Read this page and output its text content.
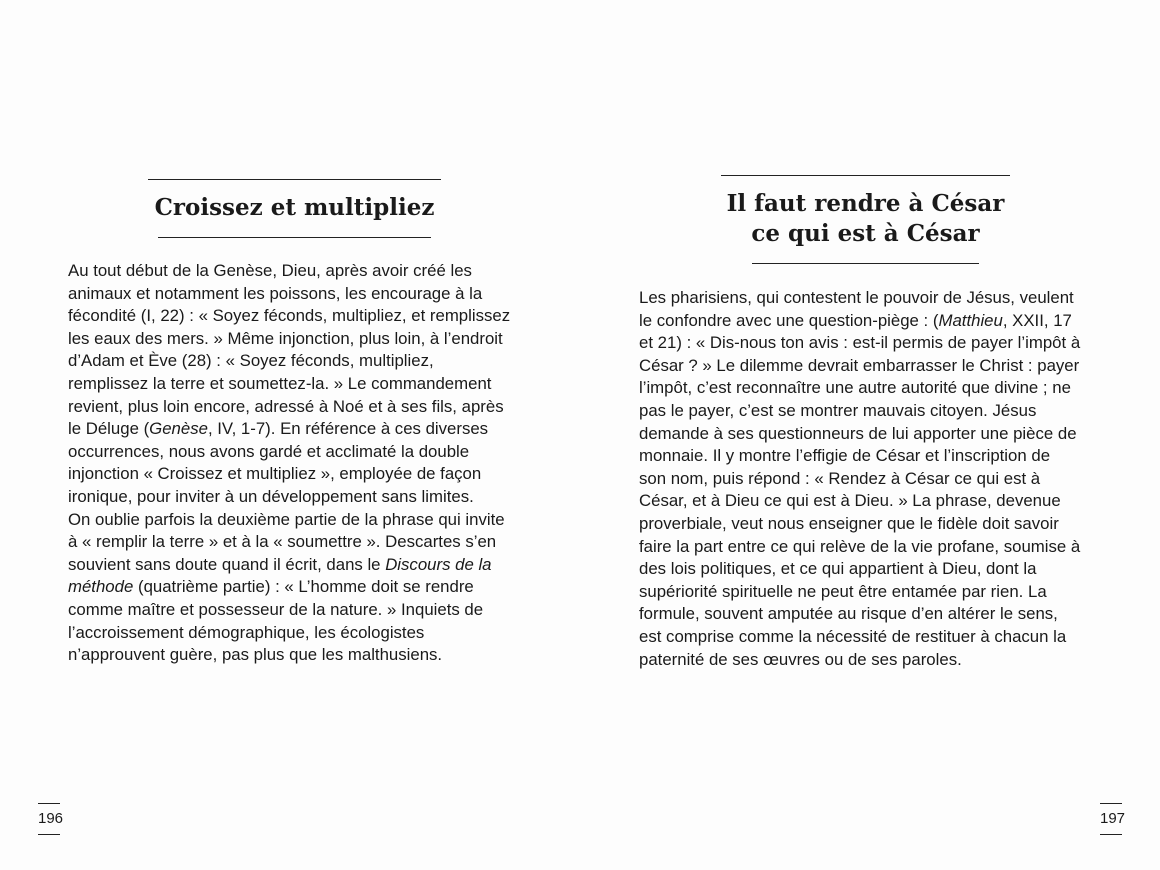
Croissez et multipliez
Au tout début de la Genèse, Dieu, après avoir créé les
animaux et notamment les poissons, les encourage à la
fécondité (I, 22) : « Soyez féconds, multipliez, et remplissez
les eaux des mers. » Même injonction, plus loin, à l’endroit
d’Adam et Ève (28) : « Soyez féconds, multipliez,
remplissez la terre et soumettez-la. » Le commandement
revient, plus loin encore, adressé à Noé et à ses fils, après
le Déluge (Genèse, IV, 1-7). En référence à ces diverses
occurrences, nous avons gardé et acclimaté la double
injonction « Croissez et multipliez », employée de façon
ironique, pour inviter à un développement sans limites.
On oublie parfois la deuxième partie de la phrase qui invite
à « remplir la terre » et à la « soumettre ». Descartes s’en
souvient sans doute quand il écrit, dans le Discours de la
méthode (quatrième partie) : « L’homme doit se rendre
comme maître et possesseur de la nature. » Inquiets de
l’accroissement démographique, les écologistes
n’approuvent guère, pas plus que les malthusiens.
196
Il faut rendre à César
ce qui est à César
Les pharisiens, qui contestent le pouvoir de Jésus, veulent
le confondre avec une question-piège : (Matthieu, XXII, 17
et 21) : « Dis-nous ton avis : est-il permis de payer l’impôt à
César ? » Le dilemme devrait embarrasser le Christ : payer
l’impôt, c’est reconnaître une autre autorité que divine ; ne
pas le payer, c’est se montrer mauvais citoyen. Jésus
demande à ses questionneurs de lui apporter une pièce de
monnaie. Il y montre l’effigie de César et l’inscription de
son nom, puis répond : « Rendez à César ce qui est à
César, et à Dieu ce qui est à Dieu. » La phrase, devenue
proverbiale, veut nous enseigner que le fidèle doit savoir
faire la part entre ce qui relève de la vie profane, soumise à
des lois politiques, et ce qui appartient à Dieu, dont la
supériorité spirituelle ne peut être entamée par rien. La
formule, souvent amputée au risque d’en altérer le sens,
est comprise comme la nécessité de restituer à chacun la
paternité de ses œuvres ou de ses paroles.
197
